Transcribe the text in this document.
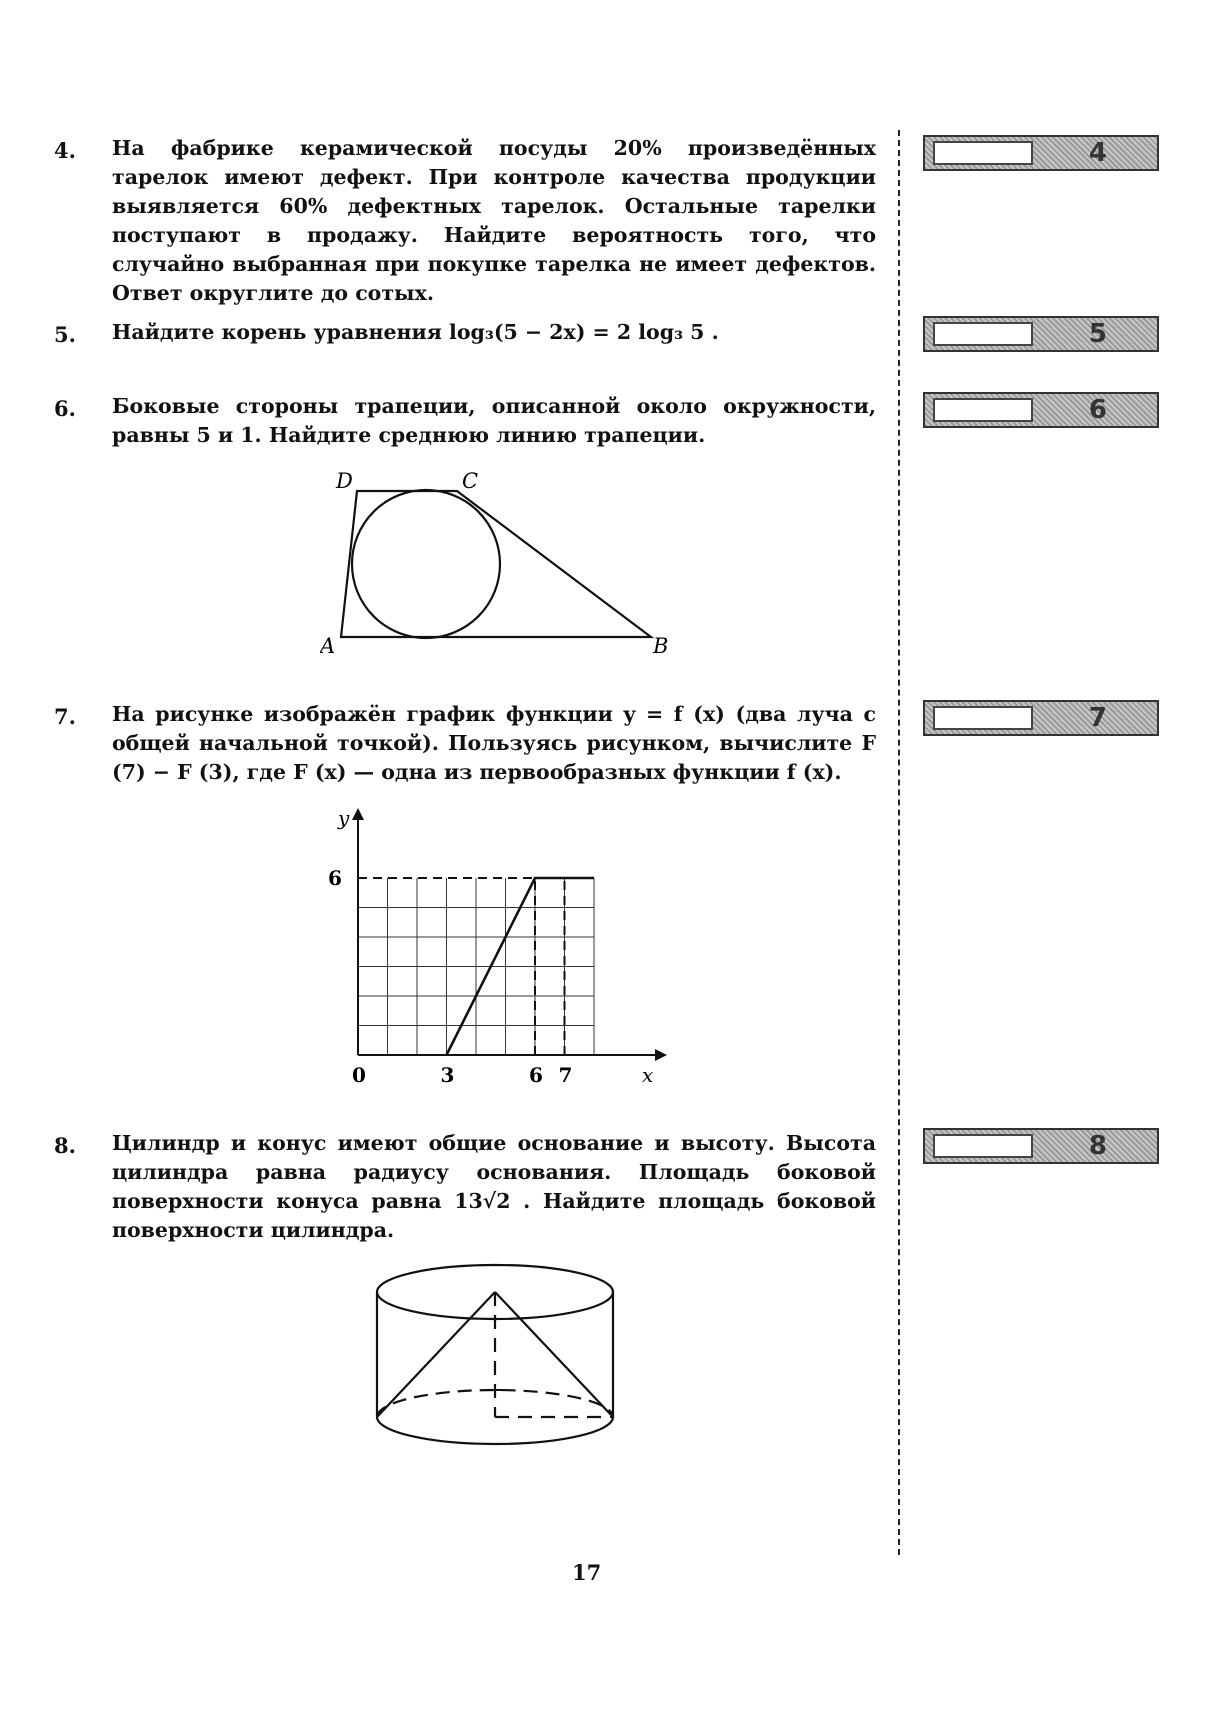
4.	На фабрике керамической посуды 20% произведённых тарелок имеют дефект. При контроле качества продукции выявляется 60% дефектных тарелок. Остальные тарелки поступают в продажу. Найдите вероятность того, что случайно выбранная при покупке тарелка не имеет дефектов. Ответ округлите до сотых.
4
5.	Найдите корень уравнения log₃(5 − 2x) = 2 log₃ 5 .	5
6.	Боковые стороны трапеции, описанной около окружности, равны 5 и 1. Найдите среднюю линию трапеции.
6
D	C
A	B
7.	На рисунке изображён график функции y = f (x) (два луча с общей начальной точкой). Пользуясь рисунком, вычислите F (7) − F (3), где F (x) — одна из первообразных функции f (x).
7
y
x
0	3	6 7
6
8.	Цилиндр и конус имеют общие основание и высоту. Высота цилиндра равна радиусу основания. Площадь боковой поверхности конуса равна 13√2 . Найдите площадь боковой поверхности цилиндра.
8
17
